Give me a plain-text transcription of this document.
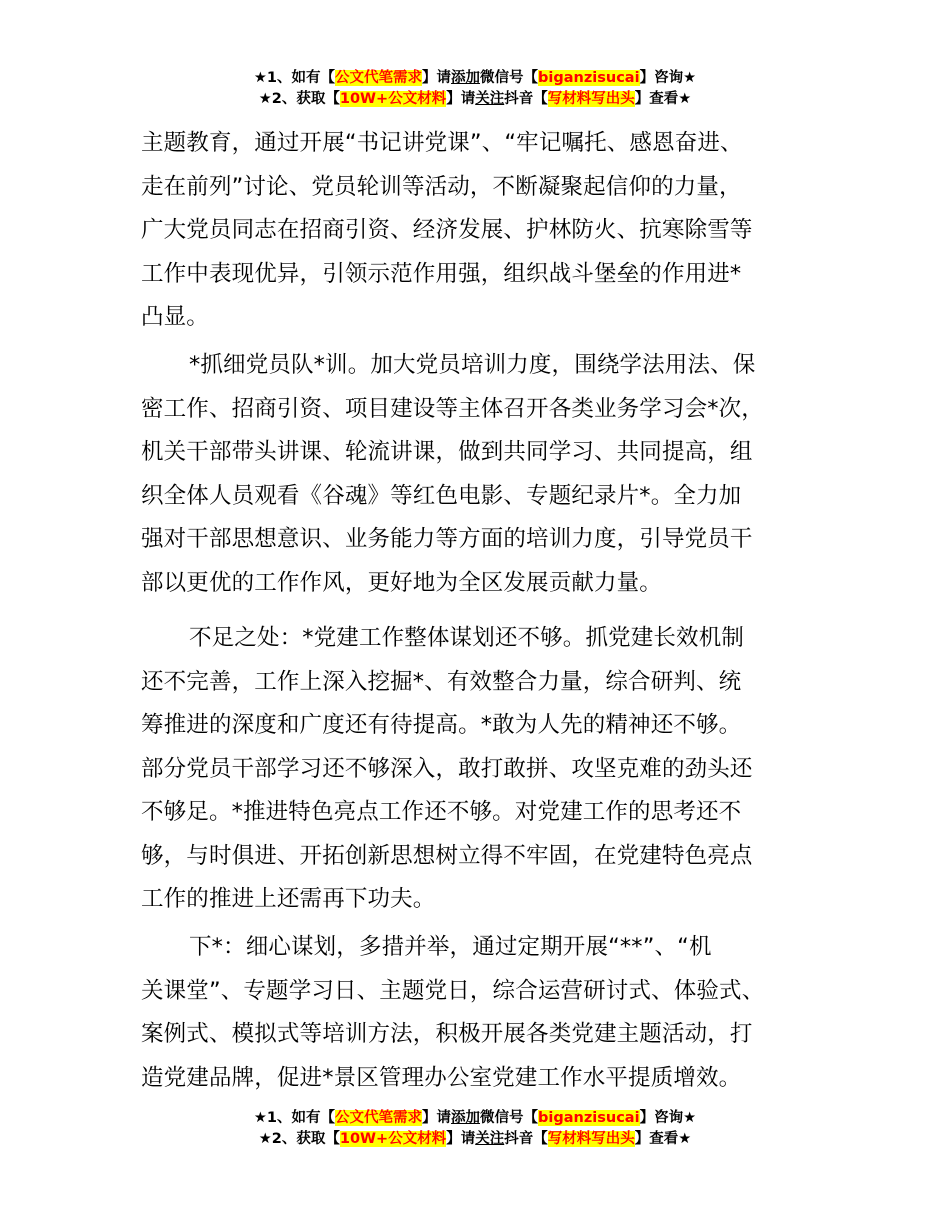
★1、如有【公文代笔需求】请添加微信号【biganzisucai】咨询★
★2、获取【10W+公文材料】请关注抖音【写材料写出头】查看★
主题教育，通过开展“书记讲党课”、“牢记嘱托、感恩奋进、
走在前列”讨论、党员轮训等活动，不断凝聚起信仰的力量，
广大党员同志在招商引资、经济发展、护林防火、抗寒除雪等
工作中表现优异，引领示范作用强，组织战斗堡垒的作用进*
凸显。
*抓细党员队*训。加大党员培训力度，围绕学法用法、保
密工作、招商引资、项目建设等主体召开各类业务学习会*次，
机关干部带头讲课、轮流讲课，做到共同学习、共同提高，组
织全体人员观看《谷魂》等红色电影、专题纪录片*。全力加
强对干部思想意识、业务能力等方面的培训力度，引导党员干
部以更优的工作作风，更好地为全区发展贡献力量。
不足之处：*党建工作整体谋划还不够。抓党建长效机制
还不完善，工作上深入挖掘*、有效整合力量，综合研判、统
筹推进的深度和广度还有待提高。*敢为人先的精神还不够。
部分党员干部学习还不够深入，敢打敢拼、攻坚克难的劲头还
不够足。*推进特色亮点工作还不够。对党建工作的思考还不
够，与时俱进、开拓创新思想树立得不牢固，在党建特色亮点
工作的推进上还需再下功夫。
下*：细心谋划，多措并举，通过定期开展“**”、“机
关课堂”、专题学习日、主题党日，综合运营研讨式、体验式、
案例式、模拟式等培训方法，积极开展各类党建主题活动，打
造党建品牌，促进*景区管理办公室党建工作水平提质增效。
★1、如有【公文代笔需求】请添加微信号【biganzisucai】咨询★
★2、获取【10W+公文材料】请关注抖音【写材料写出头】查看★
